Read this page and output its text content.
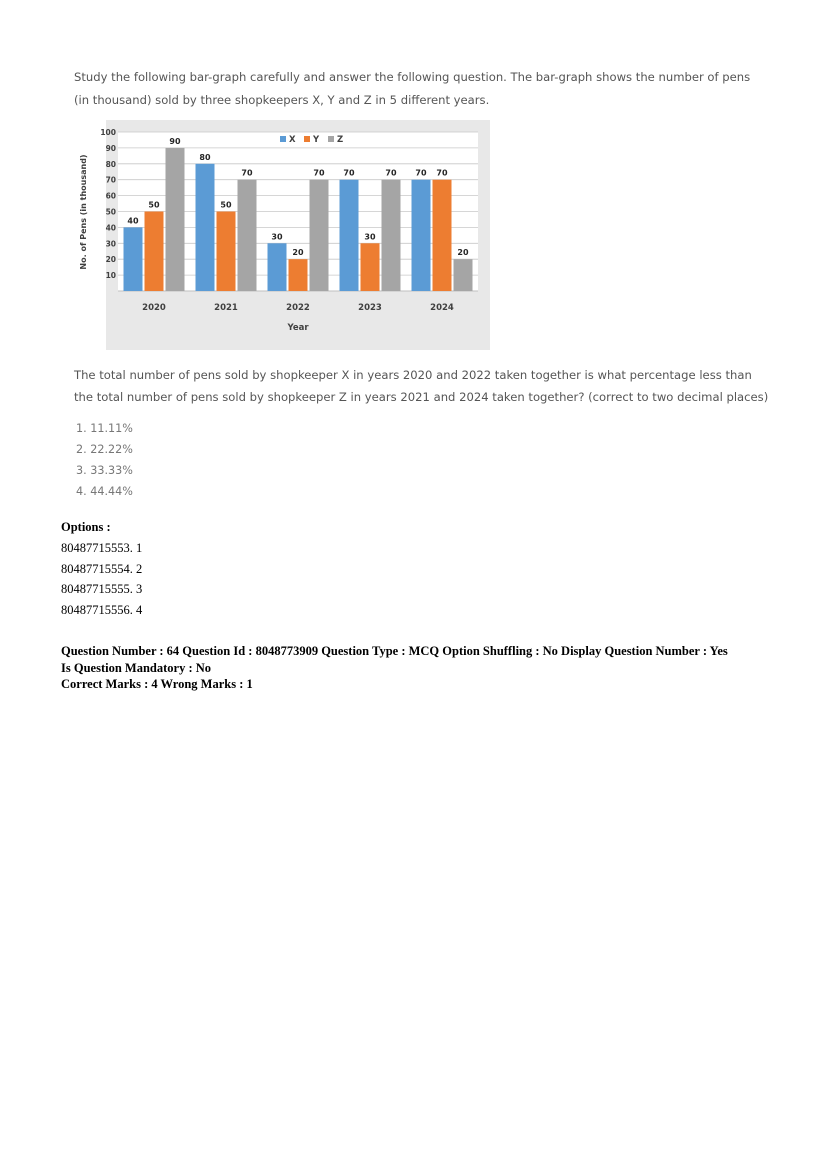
Study the following bar-graph carefully and answer the following question. The bar-graph shows the number of pens
(in thousand) sold by three shopkeepers X, Y and Z in 5 different years.
10
20
30
40
50
60
70
80
90
100
40
50
90
2020
80
50
70
2021
30
20
70
2022
70
30
70
2023
70 70
20
2024
Year
No. of Pens (in thousand)
X Y Z
The total number of pens sold by shopkeeper X in years 2020 and 2022 taken together is what percentage less than
the total number of pens sold by shopkeeper Z in years 2021 and 2024 taken together? (correct to two decimal places)
1. 11.11%
2. 22.22%
3. 33.33%
4. 44.44%
Options :
80487715553. 1
80487715554. 2
80487715555. 3
80487715556. 4
Question Number : 64 Question Id : 8048773909 Question Type : MCQ Option Shuffling : No Display Question Number : Yes
Is Question Mandatory : No
Correct Marks : 4 Wrong Marks : 1
